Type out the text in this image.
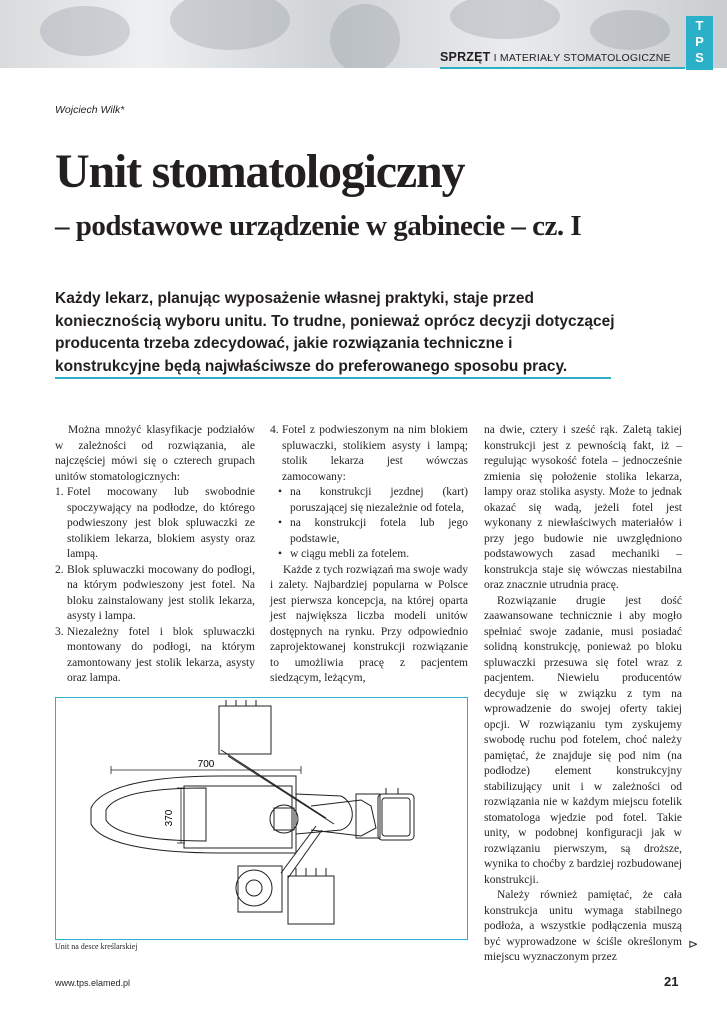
SPRZĘT I MATERIAŁY STOMATOLOGICZNE
T
P
S
Wojciech Wilk*
Unit stomatologiczny
– podstawowe urządzenie w gabinecie – cz. I
Każdy lekarz, planując wyposażenie własnej praktyki, staje przed koniecznością wyboru unitu. To trudne, ponieważ oprócz decyzji dotyczącej producenta trzeba zdecydować, jakie rozwiązania techniczne i konstrukcyjne będą najwłaściwsze do preferowanego sposobu pracy.

Można mnożyć klasyfikacje podziałów w zależności od rozwiązania, ale najczęściej mówi się o czterech grupach unitów stomatologicznych:

1. Fotel mocowany lub swobodnie spoczywający na podłodze, do którego podwieszony jest blok spluwaczki ze stolikiem lekarza, blokiem asysty oraz lampą.
2. Blok spluwaczki mocowany do podłogi, na którym podwieszony jest fotel. Na bloku zainstalowany jest stolik lekarza, asysty i lampa.
3. Niezależny fotel i blok spluwaczki montowany do podłogi, na którym zamontowany jest stolik lekarza, asysty oraz lampa.
4. Fotel z podwieszonym na nim blokiem spluwaczki, stolikiem asysty i lampą; stolik lekarza jest wówczas zamocowany:
• na konstrukcji jezdnej (kart) poruszającej się niezależnie od fotela,
• na konstrukcji fotela lub jego podstawie,
• w ciągu mebli za fotelem.

Każde z tych rozwiązań ma swoje wady i zalety. Najbardziej popularna w Polsce jest pierwsza koncepcja, na której oparta jest największa liczba modeli unitów dostępnych na rynku. Przy odpowiednio zaprojektowanej konstrukcji rozwiązanie to umożliwia pracę z pacjentem siedzącym, leżącym,

na dwie, cztery i sześć rąk. Zaletą takiej konstrukcji jest z pewnością fakt, iż – regulując wysokość fotela – jednocześnie zmienia się położenie stolika lekarza, lampy oraz stolika asysty. Może to jednak okazać się wadą, jeżeli fotel jest wykonany z niewłaściwych materiałów i przy jego budowie nie uwzględniono podstawowych zasad mechaniki – konstrukcja staje się wówczas niestabilna oraz znacznie utrudnia pracę.

Rozwiązanie drugie jest dość zaawansowane technicznie i aby mogło spełniać swoje zadanie, musi posiadać solidną konstrukcję, ponieważ po bloku spluwaczki przesuwa się fotel wraz z pacjentem. Niewielu producentów decyduje się w związku z tym na wprowadzenie do swojej oferty takiej opcji. W rozwiązaniu tym zyskujemy swobodę ruchu pod fotelem, choć należy pamiętać, że znajduje się pod nim (na podłodze) element konstrukcyjny stabilizujący unit i w zależności od rozwiązania nie w każdym miejscu fotelik stomatologa wjedzie pod fotel. Takie unity, w podobnej konfiguracji jak w rozwiązaniu pierwszym, są droższe, wynika to choćby z bardziej rozbudowanej konstrukcji.

Należy również pamiętać, że cała konstrukcja unitu wymaga stabilnego podłoża, a wszystkie podłączenia muszą być wyprowadzone w ściśle określonym miejscu wyznaczonym przez

700
370
Unit na desce kreślarskiej	⊳
www.tps.elamed.pl	21
